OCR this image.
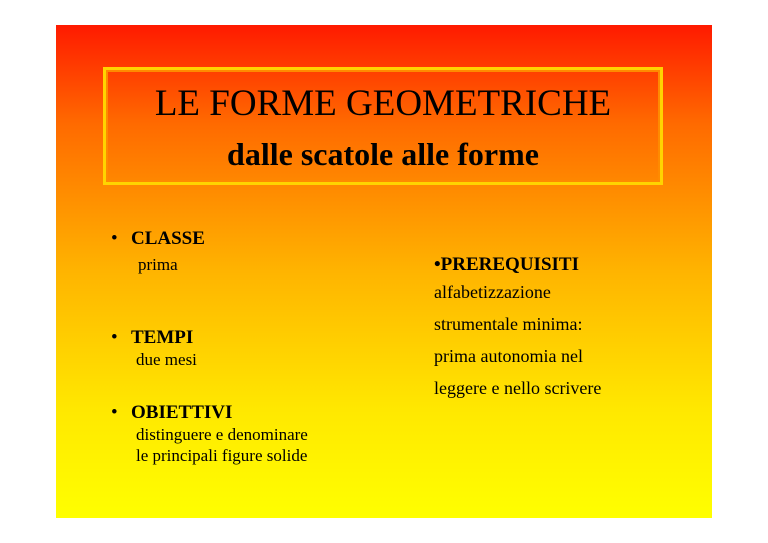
LE FORME GEOMETRICHE
dalle scatole alle forme
• CLASSE
prima
• TEMPI
due mesi
• OBIETTIVI
distinguere e denominare
le principali figure solide
•PREREQUISITI
alfabetizzazione
strumentale minima:
prima autonomia nel
leggere e nello scrivere
